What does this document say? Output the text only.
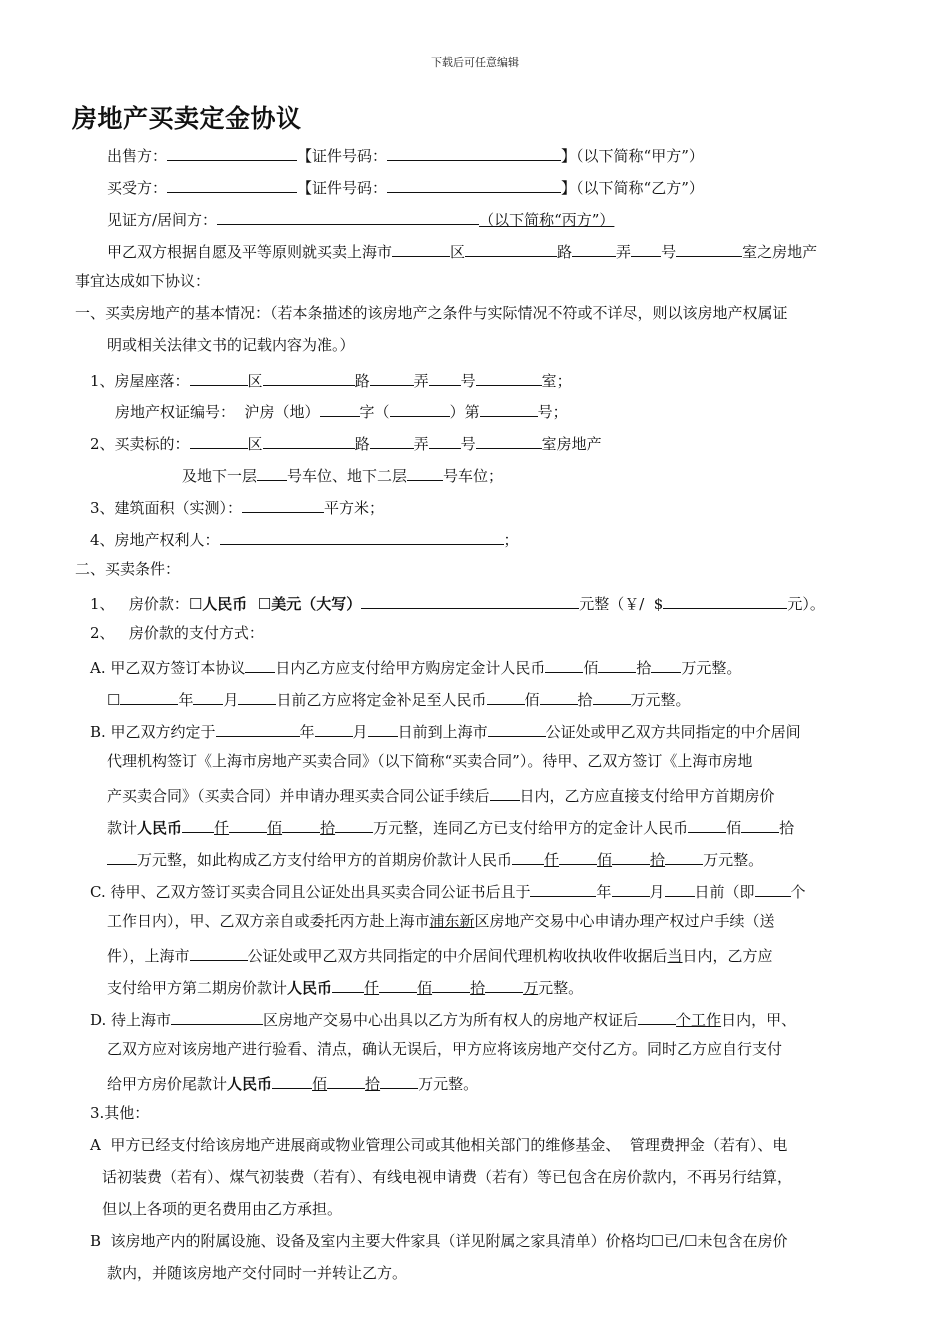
下载后可任意编辑
房地产买卖定金协议
出售方：	【证件号码：	】（以下简称“甲方”）
买受方：	【证件号码：	】（以下简称“乙方”）
见证方/居间方：	（以下简称“丙方”）
甲乙双方根据自愿及平等原则就买卖上海市	区	路	弄 号	室之房地产
事宜达成如下协议：
一、买卖房地产的基本情况：（若本条描述的该房地产之条件与实际情况不符或不详尽，则以该房地产权属证
明或相关法律文书的记载内容为准。）
1、房屋座落：	区	路	弄 号	室；
房地产权证编号：  沪房（地）	字（	）第	号；
2、买卖标的：	区	路	弄 号	室房地产
及地下一层 号车位、地下二层 号车位；
3、建筑面积（实测）：	平方米；
4、房地产权利人：	；
二、买卖条件：
1、   房价款：☐人民币  ☐美元（大写）	元整（￥/  $	元）。
2、   房价款的支付方式：
A. 甲乙双方签订本协议 日内乙方应支付给甲方购房定金计人民币	佰	拾 万元整。
☐	年 月	日前乙方应将定金补足至人民币	佰	拾	万元整。
B. 甲乙双方约定于	年	月 日前到上海市	公证处或甲乙双方共同指定的中介居间
代理机构签订《上海市房地产买卖合同》（以下简称“买卖合同”）。待甲、乙双方签订《上海市房地
产买卖合同》（买卖合同）并申请办理买卖合同公证手续后 日内，乙方应直接支付给甲方首期房价
款计人民币 仟	佰	拾	万元整，连同乙方已支付给甲方的定金计人民币	佰	拾
万元整，如此构成乙方支付给甲方的首期房价款计人民币 仟	佰	拾	万元整。
C. 待甲、乙双方签订买卖合同且公证处出具买卖合同公证书后且于	年	月 日前（即 个
工作日内），甲、乙双方亲自或委托丙方赴上海市浦东新区房地产交易中心申请办理产权过户手续（送
件），上海市	公证处或甲乙双方共同指定的中介居间代理机构收执收件收据后当日内，乙方应
支付给甲方第二期房价款计人民币 仟	佰	拾	万元整。
D. 待上海市	区房地产交易中心出具以乙方为所有权人的房地产权证后	个工作日内，甲、
乙双方应对该房地产进行验看、清点，确认无误后，甲方应将该房地产交付乙方。同时乙方应自行支付
给甲方房价尾款计人民币	佰	拾	万元整。
3.其他：
A  甲方已经支付给该房地产进展商或物业管理公司或其他相关部门的维修基金、  管理费押金（若有）、电
话初装费（若有）、煤气初装费（若有）、有线电视申请费（若有）等已包含在房价款内，不再另行结算，
但以上各项的更名费用由乙方承担。
B  该房地产内的附属设施、设备及室内主要大件家具（详见附属之家具清单）价格均☐已/☐未包含在房价
款内，并随该房地产交付同时一并转让乙方。
